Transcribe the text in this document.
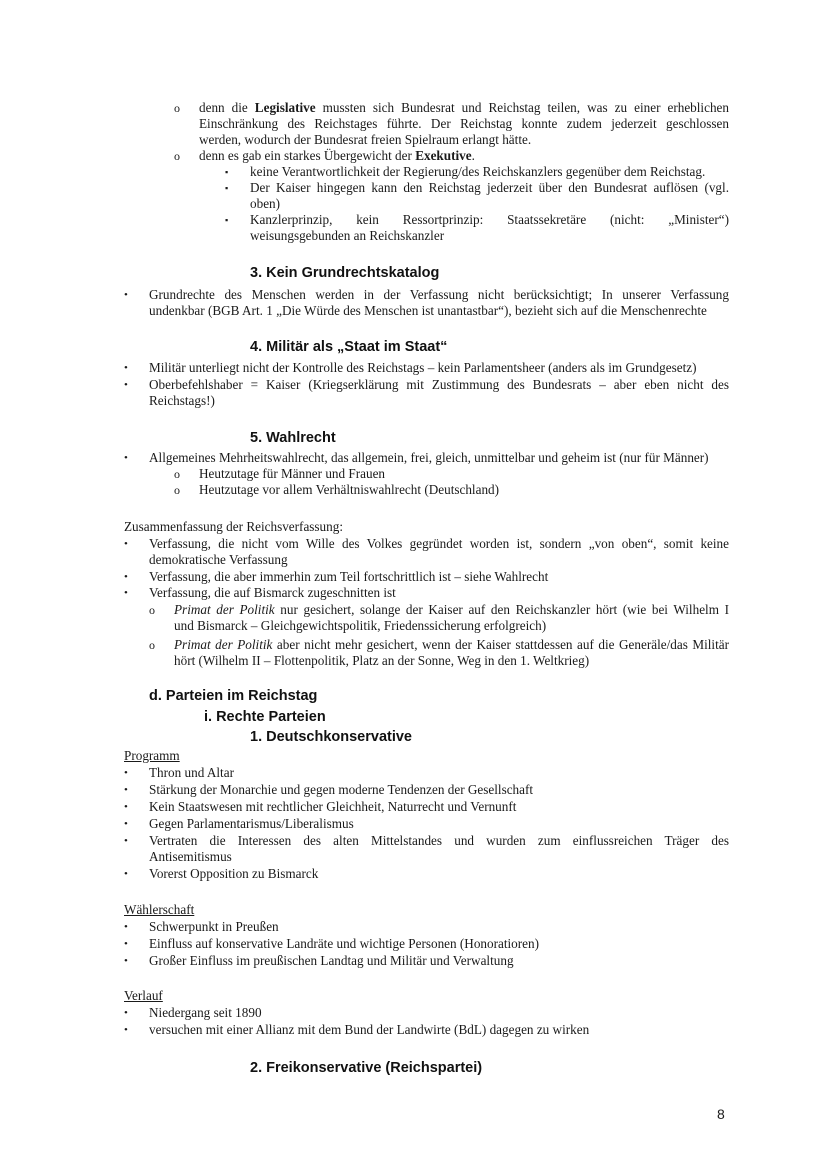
o denn die Legislative mussten sich Bundesrat und Reichstag teilen, was zu einer erheblichen
Einschränkung des Reichstages führte. Der Reichstag konnte zudem jederzeit geschlossen
werden, wodurch der Bundesrat freien Spielraum erlangt hätte.
o denn es gab ein starkes Übergewicht der Exekutive.
▪ keine Verantwortlichkeit der Regierung/des Reichskanzlers gegenüber dem Reichstag.
▪ Der Kaiser hingegen kann den Reichstag jederzeit über den Bundesrat auflösen (vgl.
oben)
▪ Kanzlerprinzip, kein Ressortprinzip: Staatssekretäre (nicht: „Minister“)
weisungsgebunden an Reichskanzler
3. Kein Grundrechtskatalog
• Grundrechte des Menschen werden in der Verfassung nicht berücksichtigt; In unserer Verfassung
undenkbar (BGB Art. 1 „Die Würde des Menschen ist unantastbar“), bezieht sich auf die Menschenrechte
4. Militär als „Staat im Staat“
• Militär unterliegt nicht der Kontrolle des Reichstags – kein Parlamentsheer (anders als im Grundgesetz)
• Oberbefehlshaber = Kaiser (Kriegserklärung mit Zustimmung des Bundesrats – aber eben nicht des
Reichstags!)
5. Wahlrecht
• Allgemeines Mehrheitswahlrecht, das allgemein, frei, gleich, unmittelbar und geheim ist (nur für Männer)
o Heutzutage für Männer und Frauen
o Heutzutage vor allem Verhältniswahlrecht (Deutschland)
Zusammenfassung der Reichsverfassung:
• Verfassung, die nicht vom Wille des Volkes gegründet worden ist, sondern „von oben“, somit keine
demokratische Verfassung
• Verfassung, die aber immerhin zum Teil fortschrittlich ist – siehe Wahlrecht
• Verfassung, die auf Bismarck zugeschnitten ist
o Primat der Politik nur gesichert, solange der Kaiser auf den Reichskanzler hört (wie bei Wilhelm I
und Bismarck – Gleichgewichtspolitik, Friedenssicherung erfolgreich)
o Primat der Politik aber nicht mehr gesichert, wenn der Kaiser stattdessen auf die Generäle/das Militär
hört (Wilhelm II – Flottenpolitik, Platz an der Sonne, Weg in den 1. Weltkrieg)
d. Parteien im Reichstag
i. Rechte Parteien
1. Deutschkonservative
Programm
• Thron und Altar
• Stärkung der Monarchie und gegen moderne Tendenzen der Gesellschaft
• Kein Staatswesen mit rechtlicher Gleichheit, Naturrecht und Vernunft
• Gegen Parlamentarismus/Liberalismus
• Vertraten die Interessen des alten Mittelstandes und wurden zum einflussreichen Träger des
Antisemitismus
• Vorerst Opposition zu Bismarck
Wählerschaft
• Schwerpunkt in Preußen
• Einfluss auf konservative Landräte und wichtige Personen (Honoratioren)
• Großer Einfluss im preußischen Landtag und Militär und Verwaltung
Verlauf
• Niedergang seit 1890
• versuchen mit einer Allianz mit dem Bund der Landwirte (BdL) dagegen zu wirken
2. Freikonservative (Reichspartei)
8
